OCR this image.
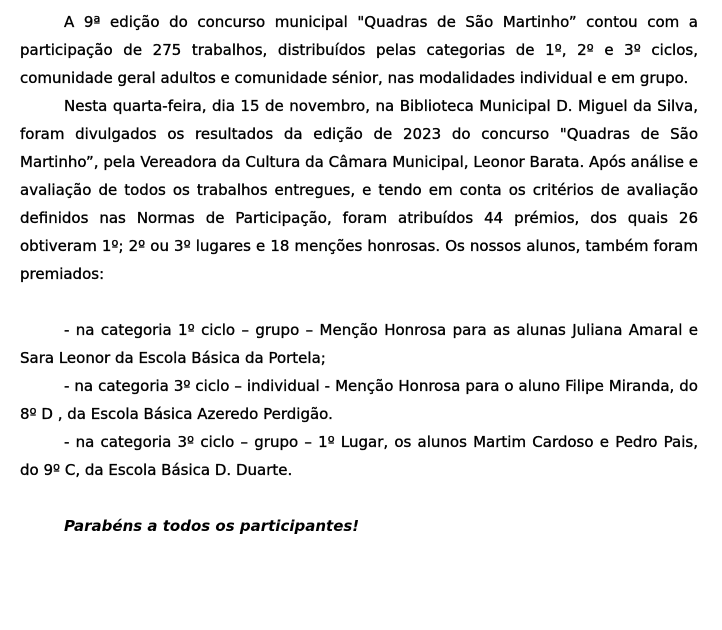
A 9ª edição do concurso municipal "Quadras de São Martinho” contou com a participação de 275 trabalhos, distribuídos pelas categorias de 1º, 2º e 3º ciclos, comunidade geral adultos e comunidade sénior, nas modalidades individual e em grupo.

Nesta quarta-feira, dia 15 de novembro, na Biblioteca Municipal D. Miguel da Silva, foram divulgados os resultados da edição de 2023 do concurso "Quadras de São Martinho”, pela Vereadora da Cultura da Câmara Municipal, Leonor Barata. Após análise e avaliação de todos os trabalhos entregues, e tendo em conta os critérios de avaliação definidos nas Normas de Participação, foram atribuídos 44 prémios, dos quais 26 obtiveram 1º; 2º ou 3º lugares e 18 menções honrosas. Os nossos alunos, também foram premiados:

- na categoria 1º ciclo – grupo – Menção Honrosa para as alunas Juliana Amaral e Sara Leonor da Escola Básica da Portela;

- na categoria 3º ciclo – individual - Menção Honrosa para o aluno Filipe Miranda, do 8º D , da Escola Básica Azeredo Perdigão.

- na categoria 3º ciclo – grupo – 1º Lugar, os alunos Martim Cardoso e Pedro Pais, do 9º C, da Escola Básica D. Duarte.

Parabéns a todos os participantes!
